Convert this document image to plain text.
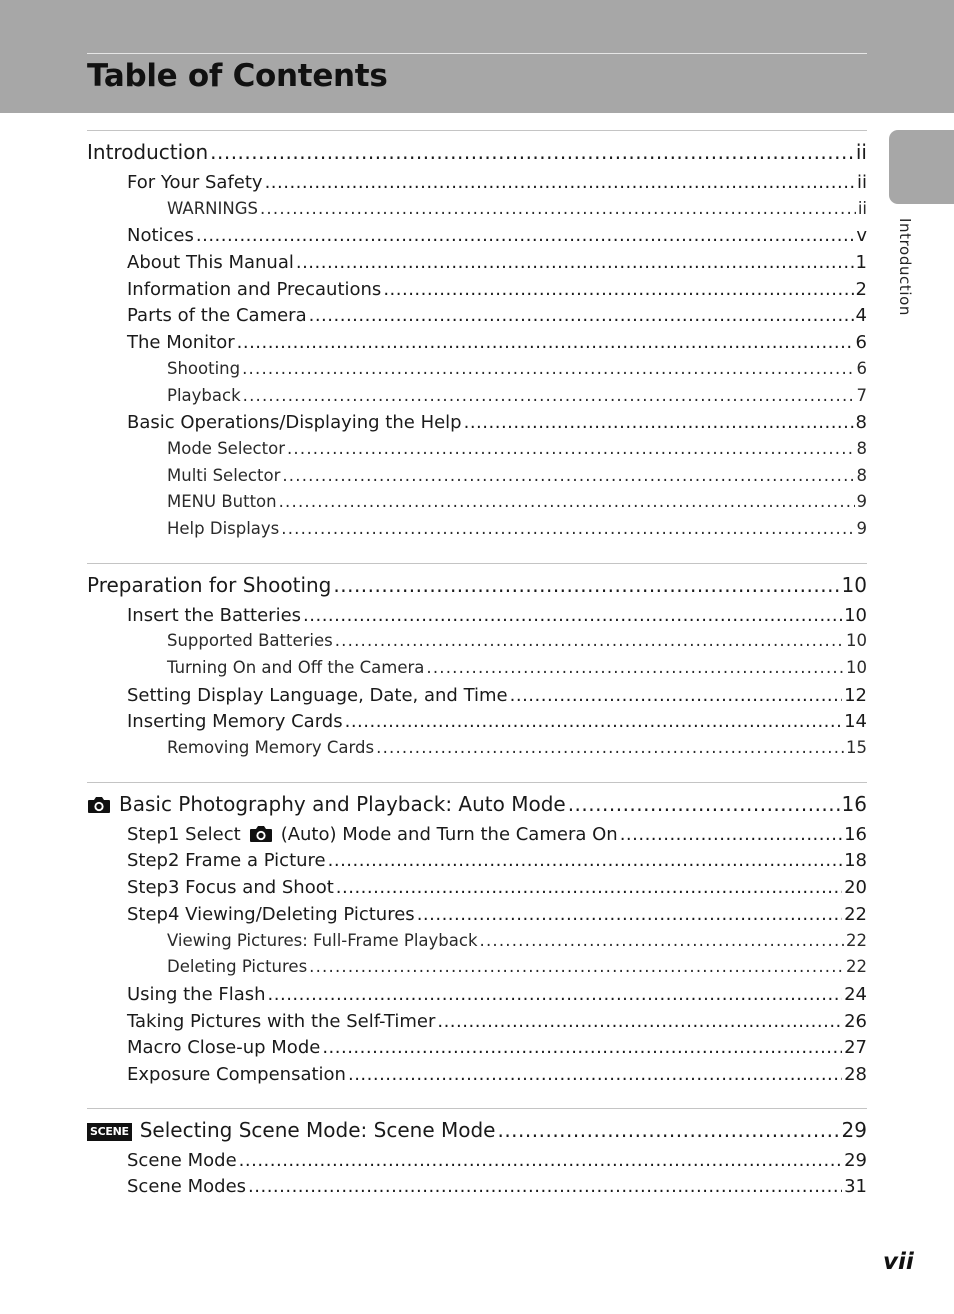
Table of Contents
Introduction
Introduction .....	ii
For Your Safety .....	ii
WARNINGS .....	ii
Notices .....	v
About This Manual .....	1
Information and Precautions .....	2
Parts of the Camera .....	4
The Monitor .....	6
Shooting .....	6
Playback .....	7
Basic Operations/Displaying the Help .....	8
Mode Selector .....	8
Multi Selector .....	8
MENU Button .....	9
Help Displays .....	9
Preparation for Shooting .....	10
Insert the Batteries .....	10
Supported Batteries .....	10
Turning On and Off the Camera .....	10
Setting Display Language, Date, and Time .....	12
Inserting Memory Cards .....	14
Removing Memory Cards .....	15
Basic Photography and Playback: Auto Mode .....	16
Step1 Select (Auto) Mode and Turn the Camera On .....	16
Step2 Frame a Picture .....	18
Step3 Focus and Shoot .....	20
Step4 Viewing/Deleting Pictures .....	22
Viewing Pictures: Full-Frame Playback .....	22
Deleting Pictures .....	22
Using the Flash .....	24
Taking Pictures with the Self-Timer .....	26
Macro Close-up Mode .....	27
Exposure Compensation .....	28
SCENE Selecting Scene Mode: Scene Mode .....	29
Scene Mode .....	29
Scene Modes .....	31
vii
